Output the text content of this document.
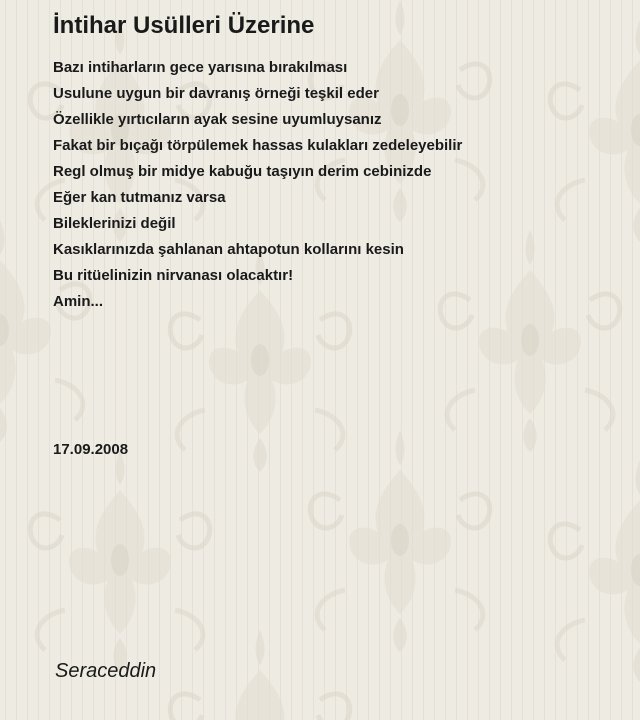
İntihar Usülleri Üzerine
Bazı intiharların gece yarısına bırakılması
Usulune uygun bir davranış örneği teşkil eder
Özellikle yırtıcıların ayak sesine uyumluysanız
Fakat bir bıçağı törpülemek hassas kulakları zedeleyebilir
Regl olmuş bir midye kabuğu taşıyın derim cebinizde
Eğer kan tutmanız varsa
Bileklerinizi değil
Kasıklarınızda şahlanan ahtapotun kollarını kesin
Bu ritüelinizin nirvanası olacaktır!
Amin...
17.09.2008
Seraceddin
